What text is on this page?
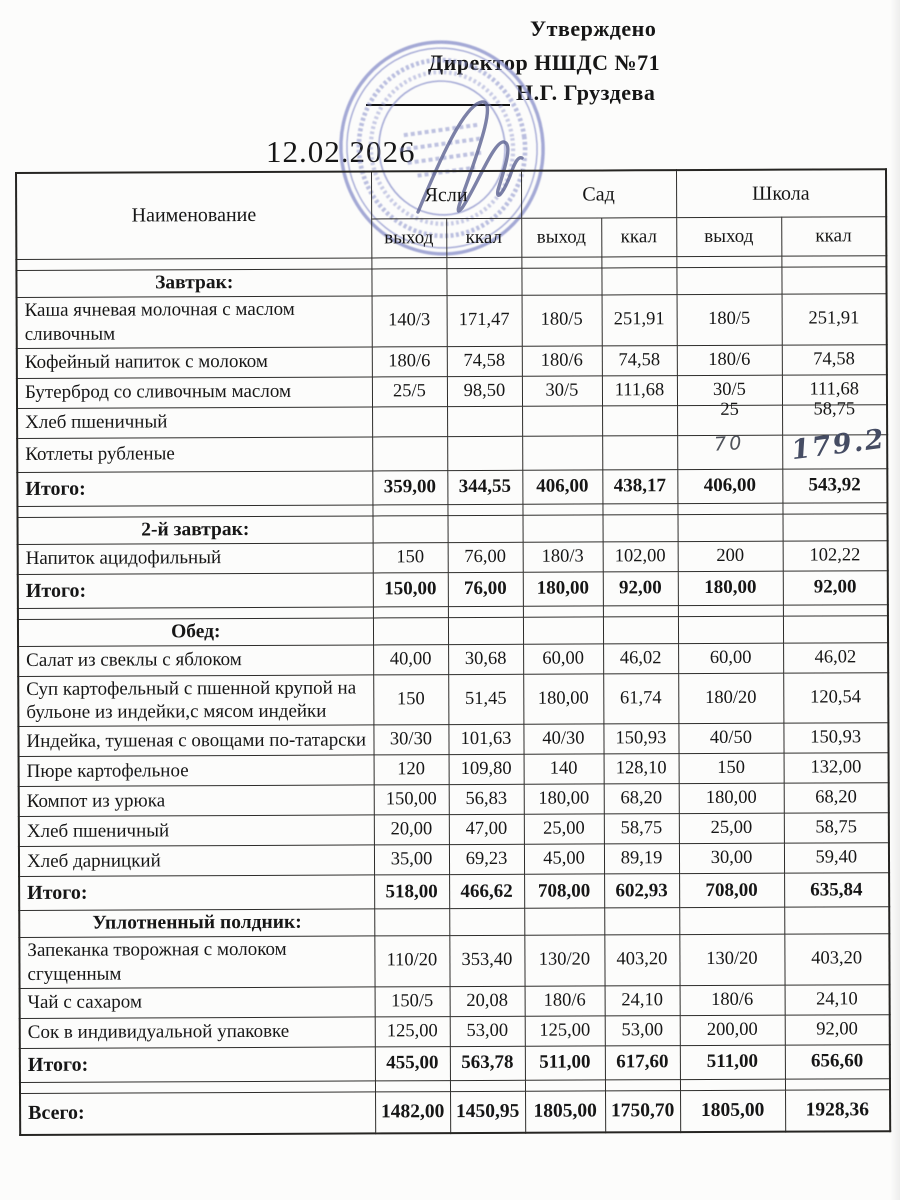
Утверждено
Директор НШДС №71
Н.Г. Груздева
12.02.2026
Наименование	Ясли		Сад		Школа	
	выход	ккал	выход	ккал	выход	ккал

Завтрак:						
Каша ячневая молочная с маслом сливочным	140/3	171,47	180/5	251,91	180/5	251,91
Кофейный напиток с молоком	180/6	74,58	180/6	74,58	180/6	74,58
Бутерброд со сливочным маслом	25/5	98,50	30/5	111,68	30/5	111,68
Хлеб пшеничный					25	58,75
Котлеты рубленые					70	179.2
Итого:	359,00	344,55	406,00	438,17	406,00	543,92

2-й завтрак:						
Напиток ацидофильный	150	76,00	180/3	102,00	200	102,22
Итого:	150,00	76,00	180,00	92,00	180,00	92,00

Обед:						
Салат из свеклы с яблоком	40,00	30,68	60,00	46,02	60,00	46,02
Суп картофельный с пшенной крупой на бульоне из индейки,с мясом индейки	150	51,45	180,00	61,74	180/20	120,54
Индейка, тушеная с овощами по-татарски	30/30	101,63	40/30	150,93	40/50	150,93
Пюре картофельное	120	109,80	140	128,10	150	132,00
Компот из урюка	150,00	56,83	180,00	68,20	180,00	68,20
Хлеб пшеничный	20,00	47,00	25,00	58,75	25,00	58,75
Хлеб дарницкий	35,00	69,23	45,00	89,19	30,00	59,40
Итого:	518,00	466,62	708,00	602,93	708,00	635,84
Уплотненный полдник:						
Запеканка творожная с молоком сгущенным	110/20	353,40	130/20	403,20	130/20	403,20
Чай с сахаром	150/5	20,08	180/6	24,10	180/6	24,10
Сок в индивидуальной упаковке	125,00	53,00	125,00	53,00	200,00	92,00
Итого:	455,00	563,78	511,00	617,60	511,00	656,60

Всего:	1482,00	1450,95	1805,00	1750,70	1805,00	1928,36
